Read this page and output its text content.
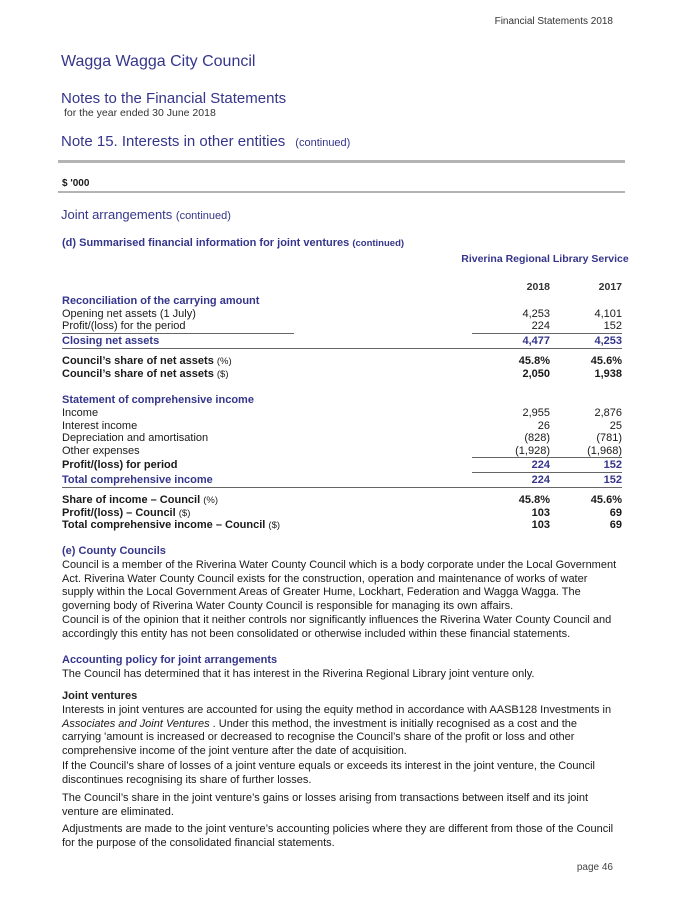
Financial Statements 2018
Wagga Wagga City Council
Notes to the Financial Statements
for the year ended 30 June 2018
Note 15. Interests in other entities (continued)
$ '000
Joint arrangements (continued)
(d) Summarised financial information for joint ventures (continued)
Riverina Regional Library Service
2018	2017
Reconciliation of the carrying amount
Opening net assets (1 July)	4,253	4,101
Profit/(loss) for the period	224	152
Closing net assets	4,477	4,253
Council’s share of net assets (%)	45.8%	45.6%
Council’s share of net assets ($)	2,050	1,938
Statement of comprehensive income
Income	2,955	2,876
Interest income	26	25
Depreciation and amortisation	(828)	(781)
Other expenses	(1,928)	(1,968)
Profit/(loss) for period	224	152
Total comprehensive income	224	152
Share of income – Council (%)	45.8%	45.6%
Profit/(loss) – Council ($)	103	69
Total comprehensive income – Council ($)	103	69

(e) County Councils

Council is a member of the Riverina Water County Council which is a body corporate under the Local Government Act. Riverina Water County Council exists for the construction, operation and maintenance of works of water supply within the Local Government Areas of Greater Hume, Lockhart, Federation and Wagga Wagga. The governing body of Riverina Water County Council is responsible for managing its own affairs.

Council is of the opinion that it neither controls nor significantly influences the Riverina Water County Council and accordingly this entity has not been consolidated or otherwise included within these financial statements.

Accounting policy for joint arrangements

The Council has determined that it has interest in the Riverina Regional Library joint venture only.

Joint ventures

Interests in joint ventures are accounted for using the equity method in accordance with AASB128 Investments in Associates and Joint Ventures . Under this method, the investment is initially recognised as a cost and the carrying 'amount is increased or decreased to recognise the Council’s share of the profit or loss and other comprehensive income of the joint venture after the date of acquisition.

If the Council’s share of losses of a joint venture equals or exceeds its interest in the joint venture, the Council discontinues recognising its share of further losses.
The Council’s share in the joint venture’s gains or losses arising from transactions between itself and its joint venture are eliminated.
Adjustments are made to the joint venture’s accounting policies where they are different from those of the Council for the purpose of the consolidated financial statements.
page 46
